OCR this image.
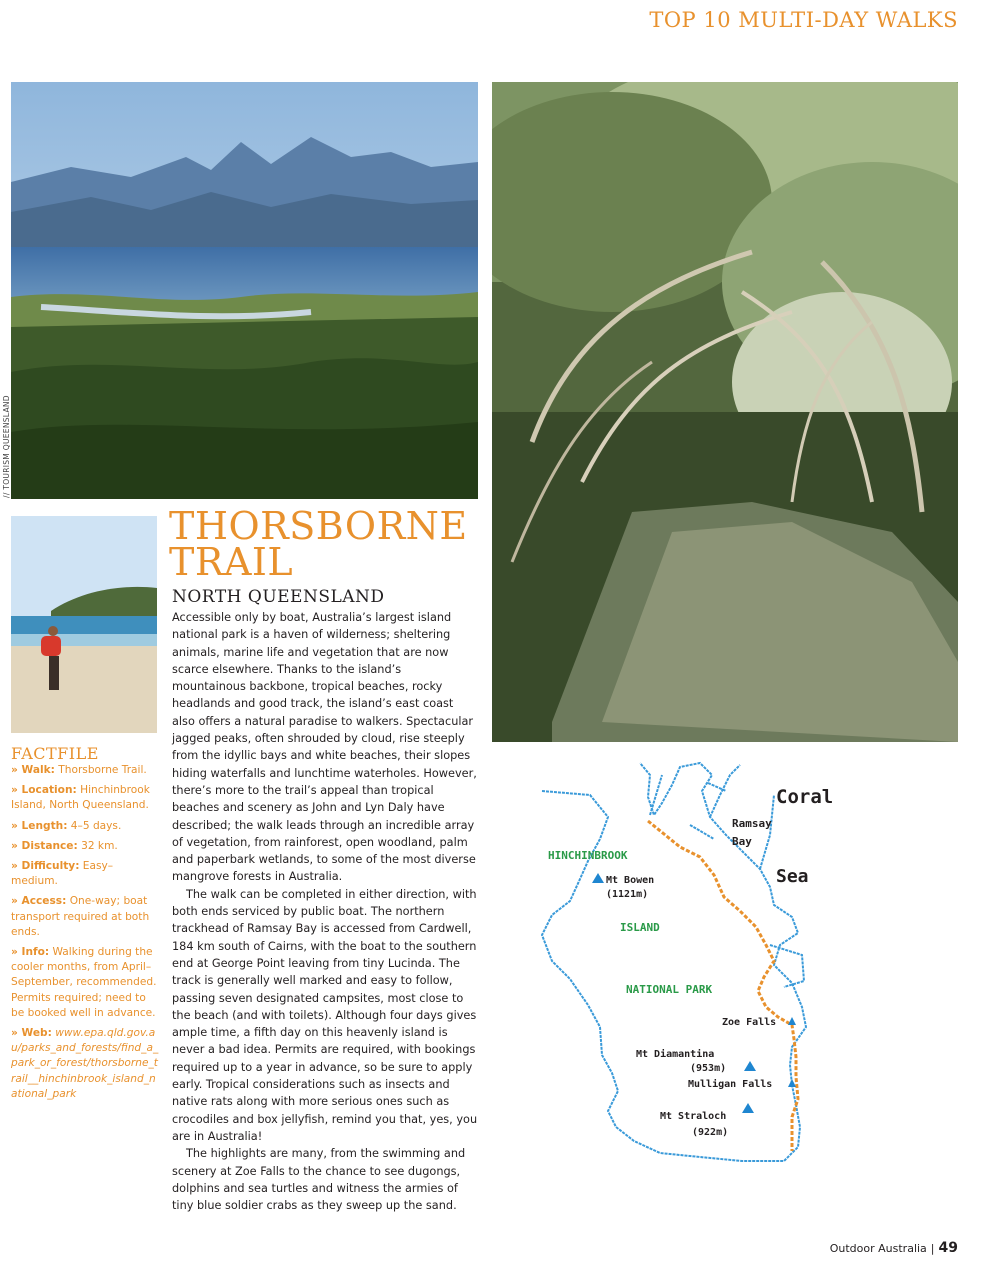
TOP 10 MULTI-DAY WALKS
// TOURISM QUEENSLAND
THORSBORNE
TRAIL
NORTH QUEENSLAND

Accessible only by boat, Australia’s largest island national park is a haven of wilderness; sheltering animals, marine life and vegetation that are now scarce elsewhere. Thanks to the island’s mountainous backbone, tropical beaches, rocky headlands and good track, the island’s east coast also offers a natural paradise to walkers. Spectacular jagged peaks, often shrouded by cloud, rise steeply from the idyllic bays and white beaches, their slopes hiding waterfalls and lunchtime waterholes. However, there’s more to the trail’s appeal than tropical beaches and scenery as John and Lyn Daly have described; the walk leads through an incredible array of vegetation, from rainforest, open woodland, palm and paperbark wetlands, to some of the most diverse mangrove forests in Australia.

The walk can be completed in either direction, with both ends serviced by public boat. The northern trackhead of Ramsay Bay is accessed from Cardwell, 184 km south of Cairns, with the boat to the southern end at George Point leaving from tiny Lucinda. The track is generally well marked and easy to follow, passing seven designated campsites, most close to the beach (and with toilets). Although four days gives ample time, a fifth day on this heavenly island is never a bad idea. Permits are required, with bookings required up to a year in advance, so be sure to apply early. Tropical considerations such as insects and native rats along with more serious ones such as crocodiles and box jellyfish, remind you that, yes, you are in Australia!

The highlights are many, from the swimming and scenery at Zoe Falls to the chance to see dugongs, dolphins and sea turtles and witness the armies of tiny blue soldier crabs as they sweep up the sand.

FACTFILE
» Walk: Thorsborne Trail.
» Location: Hinchinbrook Island, North Queensland.
» Length: 4–5 days.
» Distance: 32 km.
» Difficulty: Easy–medium.
» Access: One-way; boat transport required at both ends.
» Info: Walking during the cooler months, from April–September, recommended. Permits required; need to be booked well in advance.
» Web: www.epa.qld.gov.au/parks_and_forests/find_a_park_or_forest/thorsborne_trail__hinchinbrook_island_national_park
Coral
Sea
Ramsay
Bay
HINCHINBROOK
ISLAND
NATIONAL PARK
Mt Bowen
(1121m)
Zoe Falls
Mt Diamantina
(953m)
Mulligan Falls
Mt Straloch
(922m)
Outdoor Australia | 49
